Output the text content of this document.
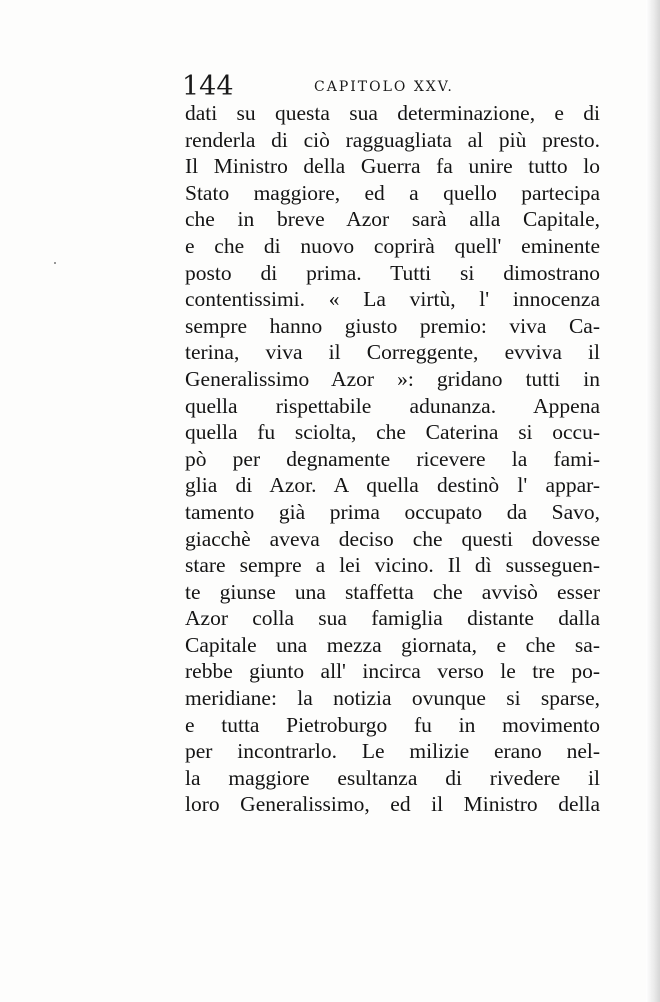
144	CAPITOLO XXV.
dati su questa sua determinazione, e di
renderla di ciò ragguagliata al più presto.
Il Ministro della Guerra fa unire tutto lo
Stato maggiore, ed a quello partecipa
che in breve Azor sarà alla Capitale,
e che di nuovo coprirà quell' eminente
posto di prima. Tutti si dimostrano
contentissimi. « La virtù, l' innocenza
sempre hanno giusto premio: viva Ca-
terina, viva il Correggente, evviva il
Generalissimo Azor »: gridano tutti in
quella rispettabile adunanza. Appena
quella fu sciolta, che Caterina si occu-
pò per degnamente ricevere la fami-
glia di Azor. A quella destinò l' appar-
tamento già prima occupato da Savo,
giacchè aveva deciso che questi dovesse
stare sempre a lei vicino. Il dì susseguen-
te giunse una staffetta che avvisò esser
Azor colla sua famiglia distante dalla
Capitale una mezza giornata, e che sa-
rebbe giunto all' incirca verso le tre po-
meridiane: la notizia ovunque si sparse,
e tutta Pietroburgo fu in movimento
per incontrarlo. Le milizie erano nel-
la maggiore esultanza di rivedere il
loro Generalissimo, ed il Ministro della
